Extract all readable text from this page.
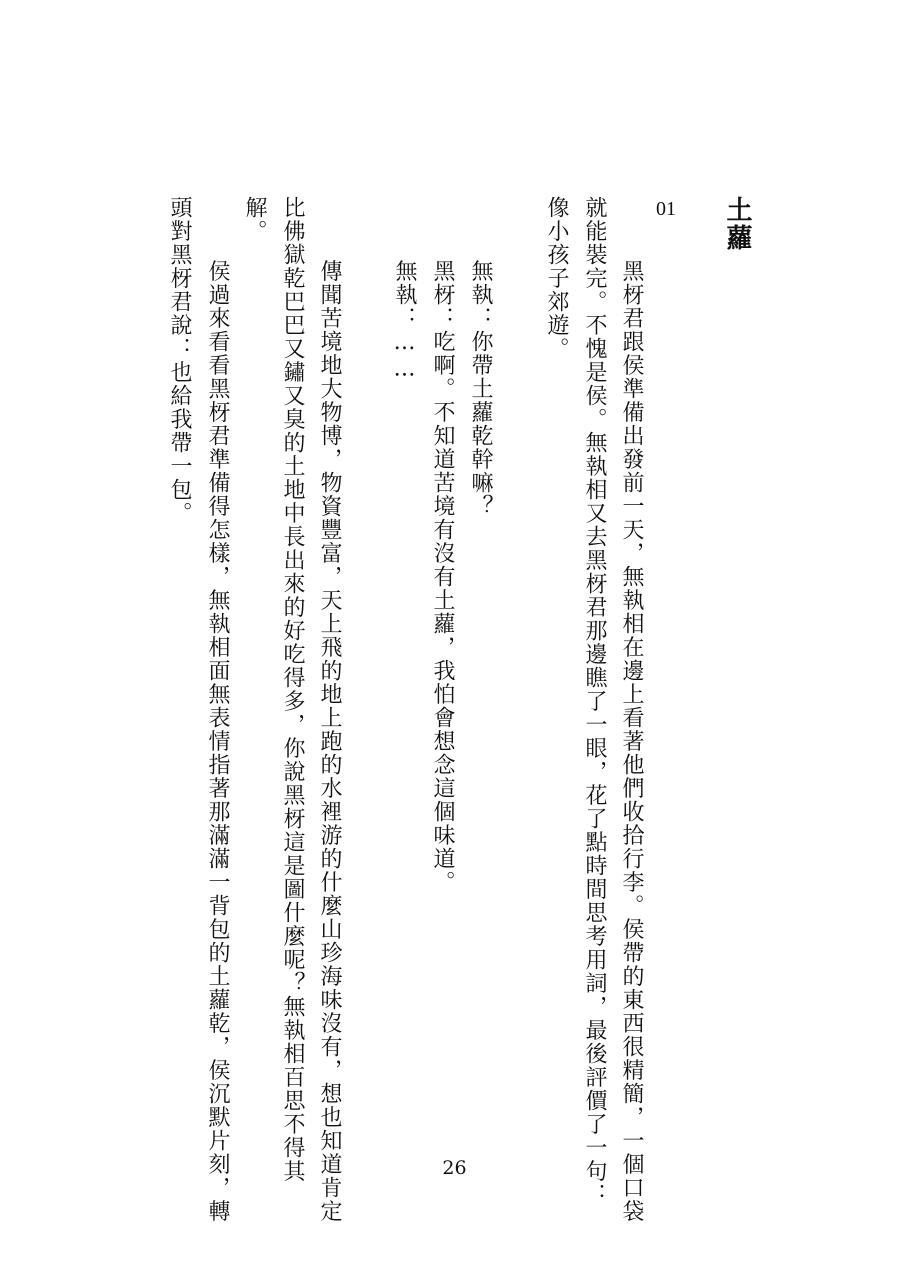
土蘿
01
　黑枒君跟侯準備出發前一天，無執相在邊上看著他們收拾行李。侯帶的東西很精簡，一個口袋
就能裝完。不愧是侯。無執相又去黑枒君那邊瞧了一眼，花了點時間思考用詞，最後評價了一句：
像小孩子郊遊。
　無執：你帶土蘿乾幹嘛？
　黑枒：吃啊。不知道苦境有沒有土蘿，我怕會想念這個味道。
　無執：……
　傳聞苦境地大物博，物資豐富，天上飛的地上跑的水裡游的什麼山珍海味沒有，想也知道肯定
比佛獄乾巴巴又鏽又臭的土地中長出來的好吃得多，你說黑枒這是圖什麼呢？無執相百思不得其
解。
　侯過來看看黑枒君準備得怎樣，無執相面無表情指著那滿滿一背包的土蘿乾，侯沉默片刻，轉
頭對黑枒君說：也給我帶一包。
26
